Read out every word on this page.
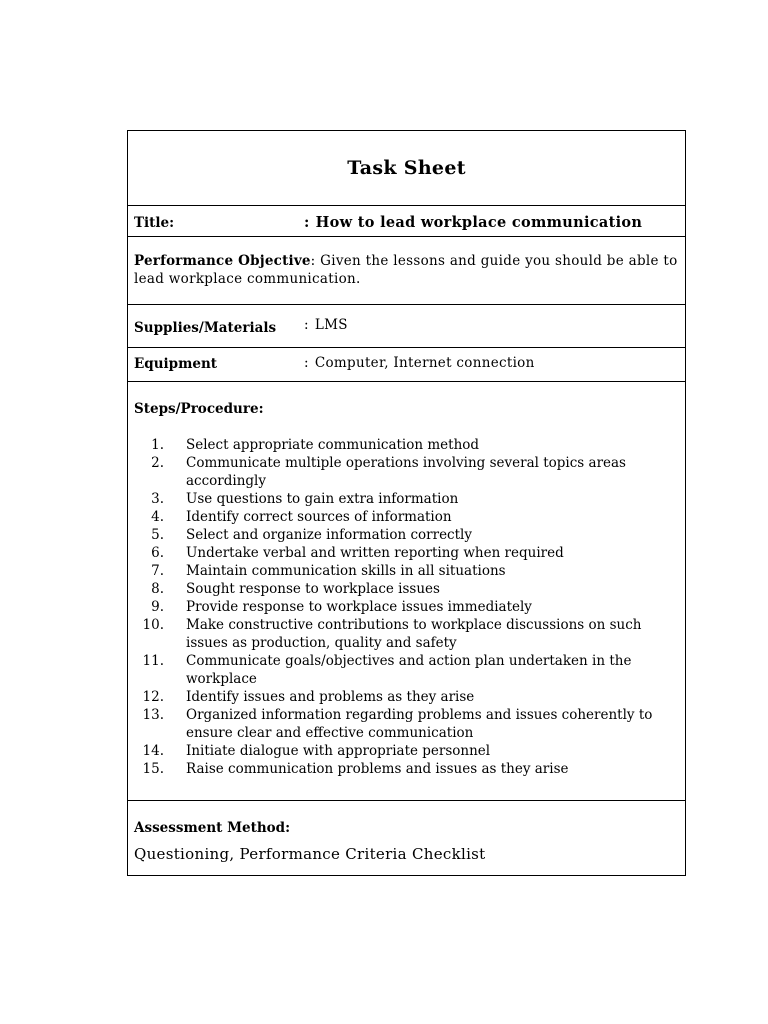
Task Sheet
Title:	: How to lead workplace communication
Performance Objective: Given the lessons and guide you should be able to lead workplace communication.
Supplies/Materials : LMS
Equipment	: Computer, Internet connection
Steps/Procedure:
1. Select appropriate communication method
2. Communicate multiple operations involving several topics areas accordingly
3. Use questions to gain extra information
4. Identify correct sources of information
5. Select and organize information correctly
6. Undertake verbal and written reporting when required
7. Maintain communication skills in all situations
8. Sought response to workplace issues
9. Provide response to workplace issues immediately
10. Make constructive contributions to workplace discussions on such issues as production, quality and safety
11. Communicate goals/objectives and action plan undertaken in the workplace
12. Identify issues and problems as they arise
13. Organized information regarding problems and issues coherently to ensure clear and effective communication
14. Initiate dialogue with appropriate personnel
15. Raise communication problems and issues as they arise
Assessment Method:
Questioning, Performance Criteria Checklist
